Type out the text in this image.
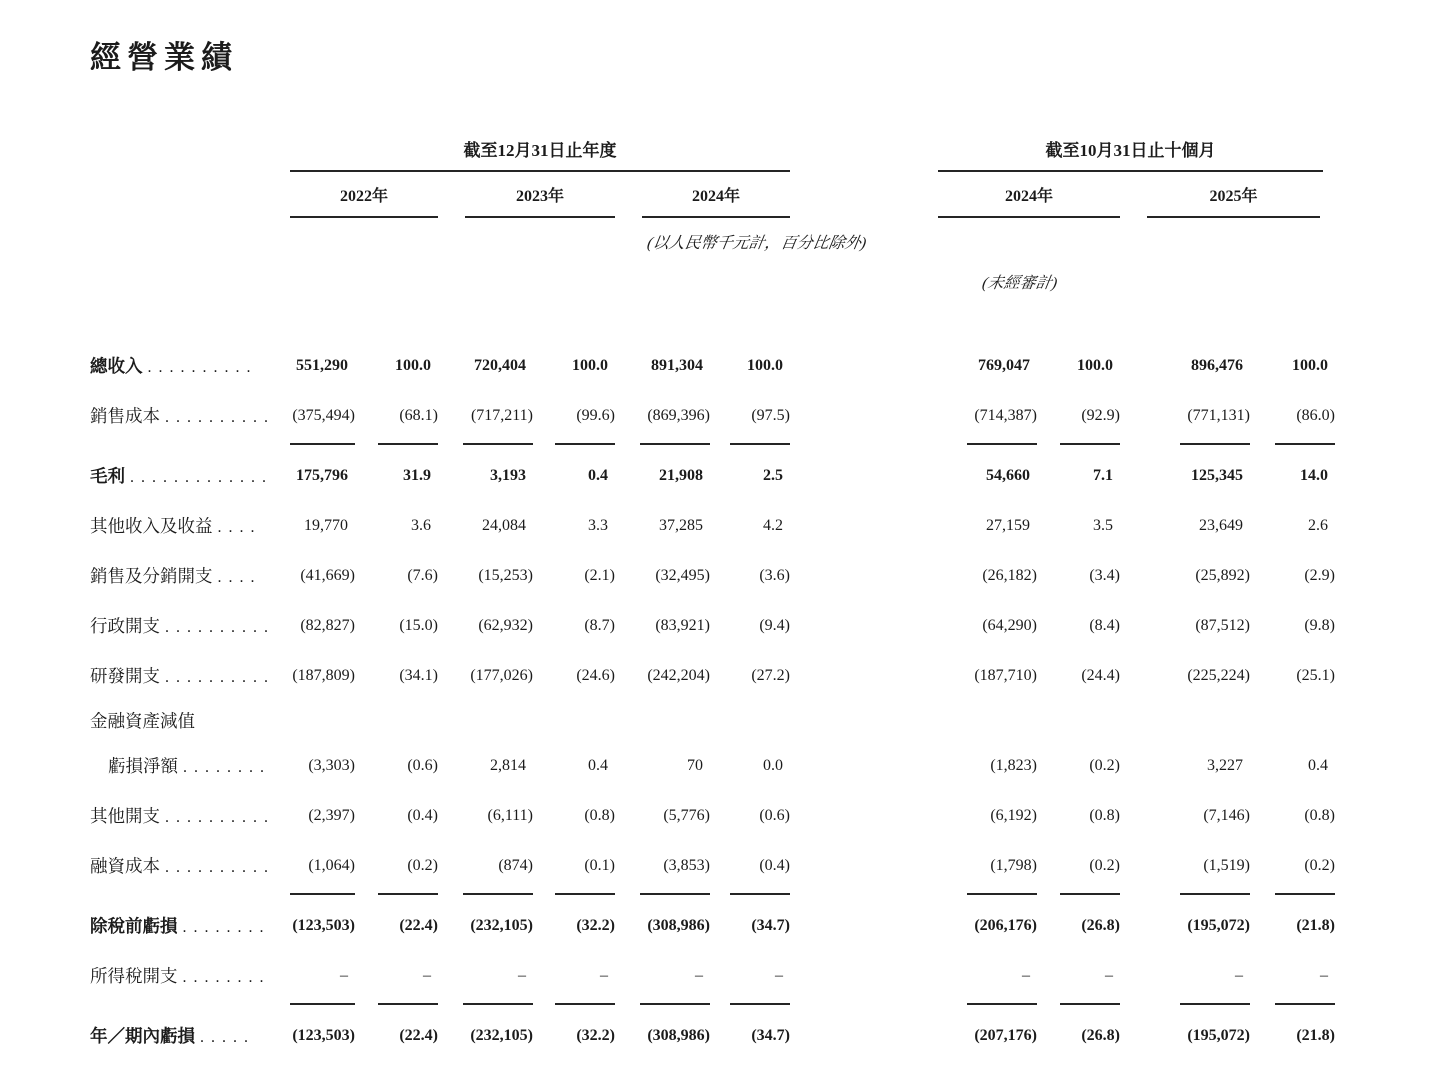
經營業績
截至12月31日止年度	截至10月31日止十個月
2022年	2023年	2024年	2024年	2025年
(以人民幣千元計，百分比除外)
(未經審計)
總收入 ..........	551,290	100.0	720,404	100.0	891,304	100.0	769,047	100.0	896,476	100.0
銷售成本 ..........	(375,494)	(68.1)	(717,211)	(99.6)	(869,396)	(97.5)	(714,387)	(92.9)	(771,131)	(86.0)
毛利 .............	175,796	31.9	3,193	0.4	21,908	2.5	54,660	7.1	125,345	14.0
其他收入及收益 ....	19,770	3.6	24,084	3.3	37,285	4.2	27,159	3.5	23,649	2.6
銷售及分銷開支 ....	(41,669)	(7.6)	(15,253)	(2.1)	(32,495)	(3.6)	(26,182)	(3.4)	(25,892)	(2.9)
行政開支 ..........	(82,827)	(15.0)	(62,932)	(8.7)	(83,921)	(9.4)	(64,290)	(8.4)	(87,512)	(9.8)
研發開支 ..........	(187,809)	(34.1)	(177,026)	(24.6)	(242,204)	(27.2)	(187,710)	(24.4)	(225,224)	(25.1)
金融資產減值
虧損淨額 ........	(3,303)	(0.6)	2,814	0.4	70	0.0	(1,823)	(0.2)	3,227	0.4
其他開支 ..........	(2,397)	(0.4)	(6,111)	(0.8)	(5,776)	(0.6)	(6,192)	(0.8)	(7,146)	(0.8)
融資成本 ..........	(1,064)	(0.2)	(874)	(0.1)	(3,853)	(0.4)	(1,798)	(0.2)	(1,519)	(0.2)
除稅前虧損 ........	(123,503)	(22.4)	(232,105)	(32.2)	(308,986)	(34.7)	(206,176)	(26.8)	(195,072)	(21.8)
所得稅開支 ........	–	–	–	–	–	–	–	–	–	–
年／期內虧損 .....	(123,503)	(22.4)	(232,105)	(32.2)	(308,986)	(34.7)	(207,176)	(26.8)	(195,072)	(21.8)
